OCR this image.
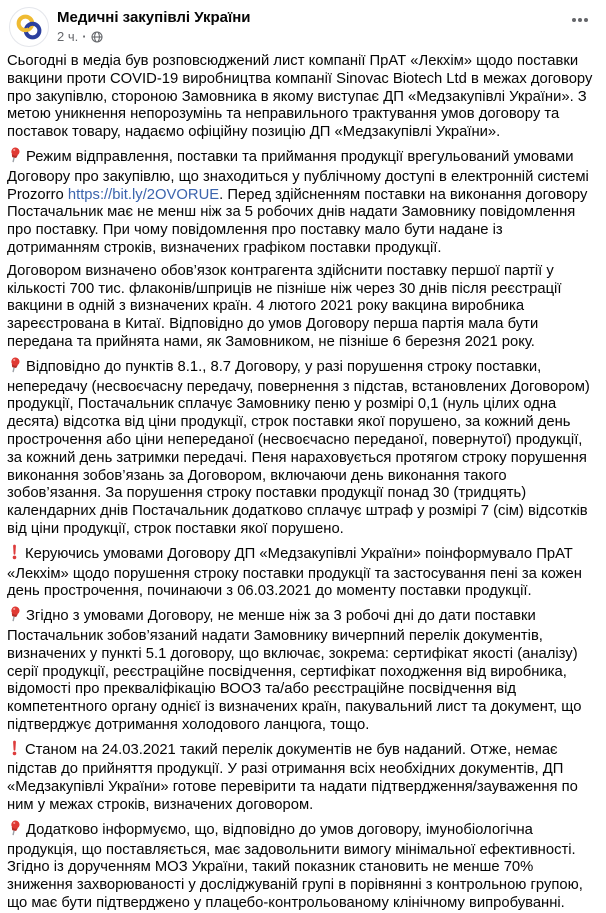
Медичні закупівлі України
2 ч. ·
Сьогодні в медіа був розповсюджений лист компанії ПрАТ «Лекхім» щодо поставки вакцини проти COVID-19 виробництва компанії Sinovac Biotech Ltd в межах договору про закупівлю, стороною Замовника в якому виступає ДП «Медзакупівлі України». З метою уникнення непорозумінь та неправильного трактування умов договору та поставок товару, надаємо офіційну позицію ДП «Медзакупівлі України».
Режим відправлення, поставки та приймання продукції врегульований умовами Договору про закупівлю, що знаходиться у публічному доступі в електронній системі Prozorro https://bit.ly/2OVORUE. Перед здійсненням поставки на виконання договору Постачальник має не менш ніж за 5 робочих днів надати Замовнику повідомлення про поставку. При чому повідомлення про поставку мало бути надане із дотриманням строків, визначених графіком поставки продукції.
Договором визначено обов’язок контрагента здійснити поставку першої партії у кількості 700 тис. флаконів/шприців не пізніше ніж через 30 днів після реєстрації вакцини в одній з визначених країн. 4 лютого 2021 року вакцина виробника зареєстрована в Китаї. Відповідно до умов Договору перша партія мала бути передана та прийнята нами, як Замовником, не пізніше 6 березня 2021 року.
Відповідно до пунктів 8.1., 8.7 Договору, у разі порушення строку поставки, непередачу (несвоєчасну передачу, повернення з підстав, встановлених Договором) продукції, Постачальник сплачує Замовнику пеню у розмірі 0,1 (нуль цілих одна десята) відсотка від ціни продукції, строк поставки якої порушено, за кожний день прострочення або ціни непереданої (несвоєчасно переданої, повернутої) продукції, за кожний день затримки передачі. Пеня нараховується протягом строку порушення виконання зобов’язань за Договором, включаючи день виконання такого зобов’язання. За порушення строку поставки продукції понад 30 (тридцять) календарних днів Постачальник додатково сплачує штраф у розмірі 7 (сім) відсотків від ціни продукції, строк поставки якої порушено.
Керуючись умовами Договору ДП «Медзакупівлі України» поінформувало ПрАТ «Лекхім» щодо порушення строку поставки продукції та застосування пені за кожен день прострочення, починаючи з 06.03.2021 до моменту поставки продукції.
Згідно з умовами Договору, не менше ніж за 3 робочі дні до дати поставки Постачальник зобов’язаний надати Замовнику вичерпний перелік документів, визначених у пункті 5.1 договору, що включає, зокрема: сертифікат якості (аналізу) серії продукції, реєстраційне посвідчення, сертифікат походження від виробника, відомості про прекваліфікацію ВООЗ та/або реєстраційне посвідчення від компетентного органу однієї із визначених країн, пакувальний лист та документ, що підтверджує дотримання холодового ланцюга, тощо.
Станом на 24.03.2021 такий перелік документів не був наданий. Отже, немає підстав до прийняття продукції. У разі отримання всіх необхідних документів, ДП «Медзакупівлі України» готове перевірити та надати підтвердження/зауваження по ним у межах строків, визначених договором.
Додатково інформуємо, що, відповідно до умов договору, імунобіологічна продукція, що поставляється, має задовольнити вимогу мінімальної ефективності. Згідно із дорученням МОЗ України, такий показник становить не менше 70% зниження захворюваності у досліджуваній групі в порівнянні з контрольною групою, що має бути підтверджено у плацебо-контрольованому клінічному випробуванні.
